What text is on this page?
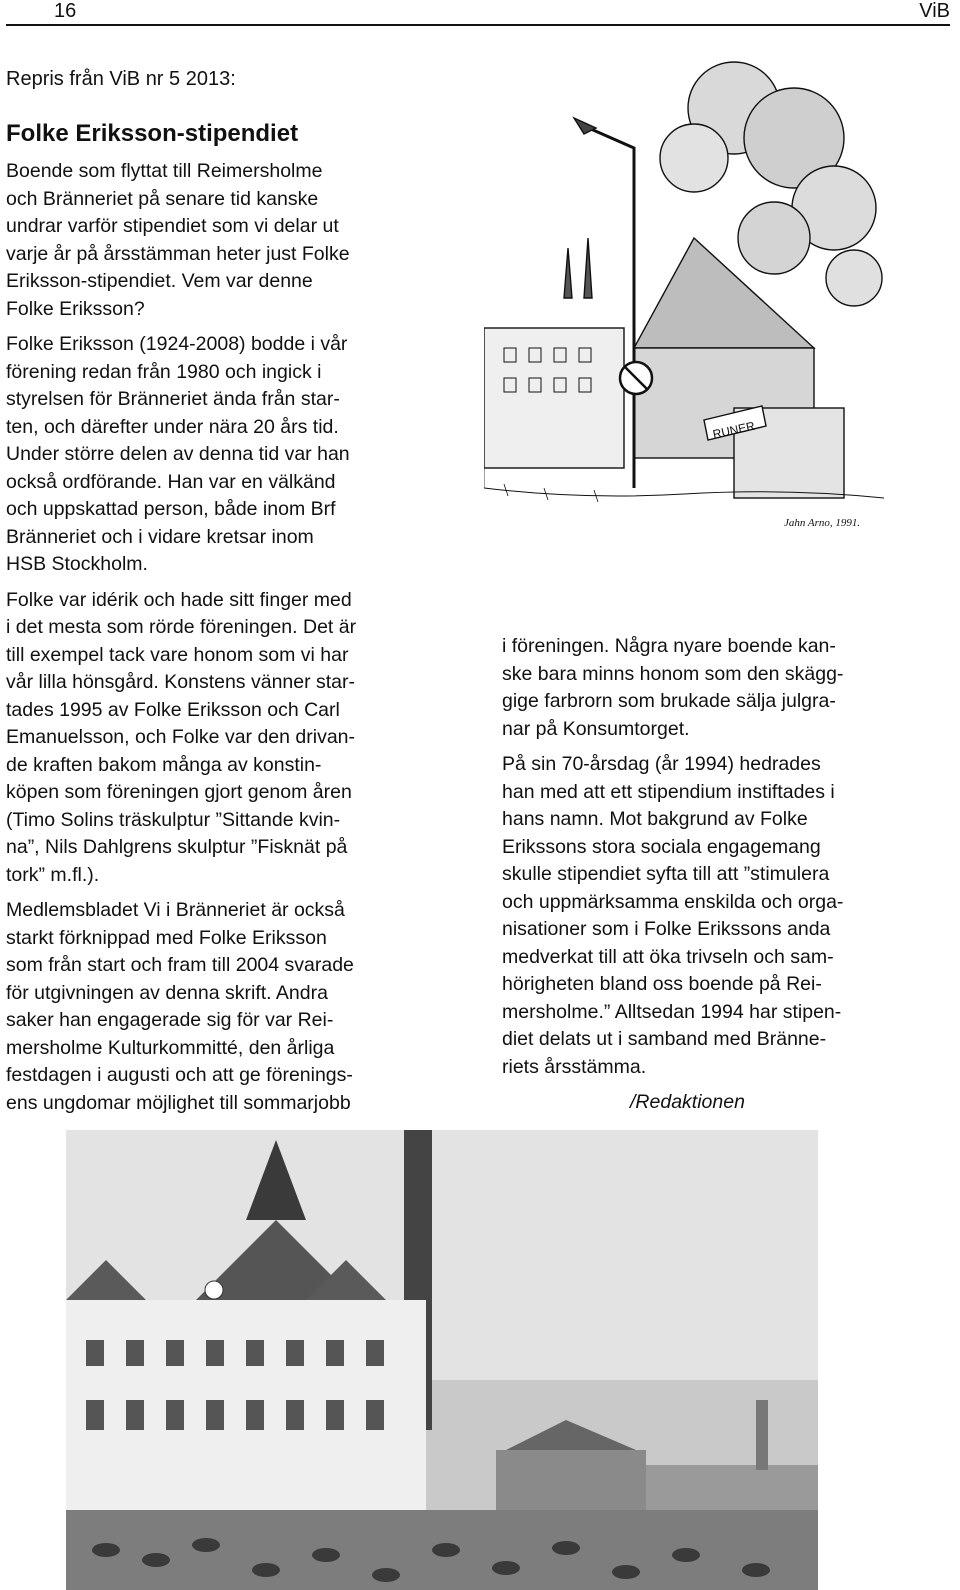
16	ViB
Repris från ViB nr 5 2013:
Folke Eriksson-stipendiet

Boende som flyttat till Reimersholme
och Bränneriet på senare tid kanske
undrar varför stipendiet som vi delar ut
varje år på årsstämman heter just Folke
Eriksson-stipendiet. Vem var denne
Folke Eriksson?

Folke Eriksson (1924-2008) bodde i vår
förening redan från 1980 och ingick i
styrelsen för Bränneriet ända från star-
ten, och därefter under nära 20 års tid.
Under större delen av denna tid var han
också ordförande. Han var en välkänd
och uppskattad person, både inom Brf
Bränneriet och i vidare kretsar inom
HSB Stockholm.

Folke var idérik och hade sitt finger med
i det mesta som rörde föreningen. Det är
till exempel tack vare honom som vi har
vår lilla hönsgård. Konstens vänner star-
tades 1995 av Folke Eriksson och Carl
Emanuelsson, och Folke var den drivan-
de kraften bakom många av konstin-
köpen som föreningen gjort genom åren
(Timo Solins träskulptur ”Sittande kvin-
na”, Nils Dahlgrens skulptur ”Fisknät på
tork” m.fl.).

Medlemsbladet Vi i Bränneriet är också
starkt förknippad med Folke Eriksson
som från start och fram till 2004 svarade
för utgivningen av denna skrift. Andra
saker han engagerade sig för var Rei-
mersholme Kulturkommitté, den årliga
festdagen i augusti och att ge förenings-
ens ungdomar möjlighet till sommarjobb

i föreningen. Några nyare boende kan-
ske bara minns honom som den skägg-
gige farbrorn som brukade sälja julgra-
nar på Konsumtorget.

På sin 70-årsdag (år 1994) hedrades
han med att ett stipendium instiftades i
hans namn. Mot bakgrund av Folke
Erikssons stora sociala engagemang
skulle stipendiet syfta till att ”stimulera
och uppmärksamma enskilda och orga-
nisationer som i Folke Erikssons anda
medverkat till att öka trivseln och sam-
hörigheten bland oss boende på Rei-
mersholme.” Alltsedan 1994 har stipen-
diet delats ut i samband med Bränne-
riets årsstämma.

/Redaktionen

RUNER
Jahn Arno, 1991.
